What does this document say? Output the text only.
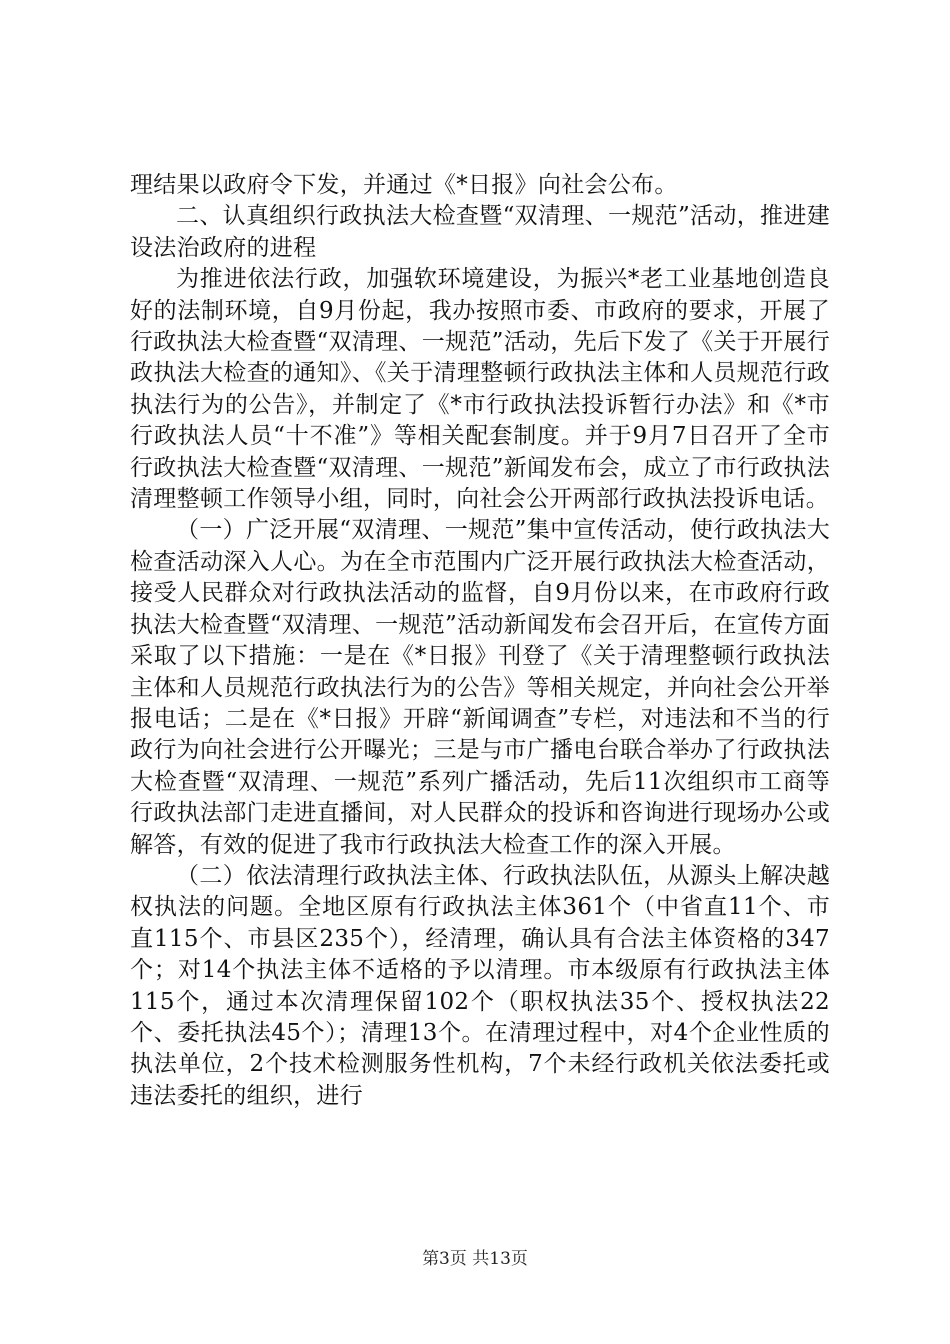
理结果以政府令下发，并通过《*日报》向社会公布。

二、认真组织行政执法大检查暨“双清理、一规范”活动，推进建设法治政府的进程

为推进依法行政，加强软环境建设，为振兴*老工业基地创造良好的法制环境，自9月份起，我办按照市委、市政府的要求，开展了行政执法大检查暨“双清理、一规范”活动，先后下发了《关于开展行政执法大检查的通知》、《关于清理整顿行政执法主体和人员规范行政执法行为的公告》，并制定了《*市行政执法投诉暂行办法》和《*市行政执法人员“十不准”》等相关配套制度。并于9月7日召开了全市行政执法大检查暨“双清理、一规范”新闻发布会，成立了市行政执法清理整顿工作领导小组，同时，向社会公开两部行政执法投诉电话。

（一）广泛开展“双清理、一规范”集中宣传活动，使行政执法大检查活动深入人心。为在全市范围内广泛开展行政执法大检查活动，接受人民群众对行政执法活动的监督，自9月份以来，在市政府行政执法大检查暨“双清理、一规范”活动新闻发布会召开后，在宣传方面采取了以下措施：一是在《*日报》刊登了《关于清理整顿行政执法主体和人员规范行政执法行为的公告》等相关规定，并向社会公开举报电话；二是在《*日报》开辟“新闻调查”专栏，对违法和不当的行政行为向社会进行公开曝光；三是与市广播电台联合举办了行政执法大检查暨“双清理、一规范”系列广播活动，先后11次组织市工商等行政执法部门走进直播间，对人民群众的投诉和咨询进行现场办公或解答，有效的促进了我市行政执法大检查工作的深入开展。

（二）依法清理行政执法主体、行政执法队伍，从源头上解决越权执法的问题。全地区原有行政执法主体361个（中省直11个、市直115个、市县区235个），经清理，确认具有合法主体资格的347个；对14个执法主体不适格的予以清理。市本级原有行政执法主体115个，通过本次清理保留102个（职权执法35个、授权执法22个、委托执法45个）；清理13个。在清理过程中，对4个企业性质的执法单位，2个技术检测服务性机构，7个未经行政机关依法委托或违法委托的组织，进行

第3页 共13页
